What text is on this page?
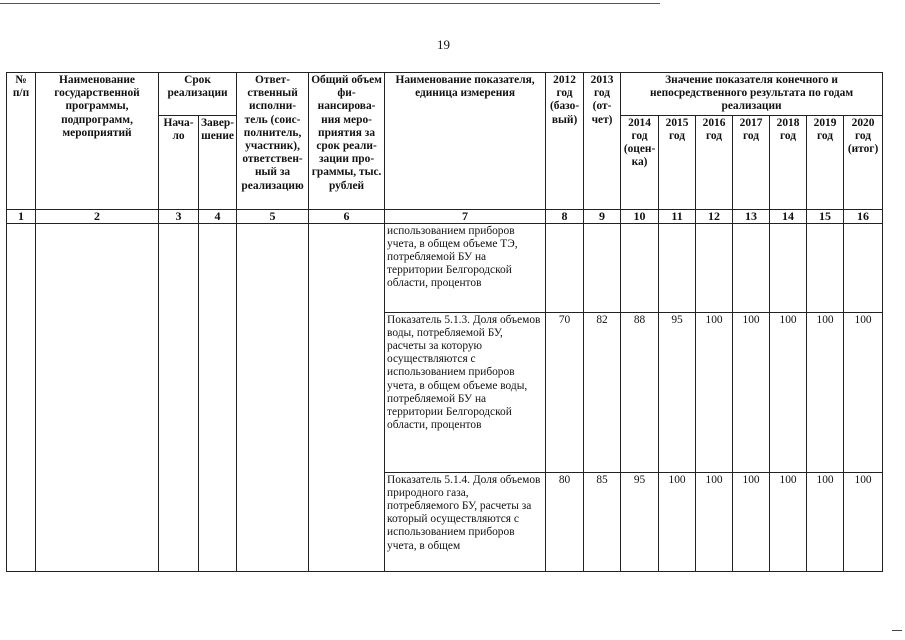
19
№ п/п	Наименование государственной программы, подпрограмм, мероприятий	Срок реализации		Ответ-ственный исполни-тель (соис-полнитель, участник), ответствен-ный за реализацию	Общий объем фи-нансирова-ния меро-приятия за срок реали-зации про-граммы, тыс. рублей	Наименование показателя, единица измерения	2012 год (базо-вый)	2013 год (от-чет)	Значение показателя конечного и непосредственного результата по годам реализации						

		Нача-ло	Завер-шение						2014 год (оцен-ка)	2015 год	2016 год	2017 год	2018 год	2019 год	2020 год (итог)
1	2	3	4	5	6	7	8	9	10	11	12	13	14	15	16
						использованием приборов учета, в общем объеме ТЭ, потребляемой БУ на территории Белгородской области, процентов									
						Показатель 5.1.3. Доля объемов воды, потребляемой БУ, расчеты за которую осуществляются с использованием приборов учета, в общем объеме воды, потребляемой БУ на территории Белгородской области, процентов	70	82	88	95	100	100	100	100	100
						Показатель 5.1.4. Доля объемов природного газа, потребляемого БУ, расчеты за который осуществляются с использованием приборов учета, в общем	80	85	95	100	100	100	100	100	100
